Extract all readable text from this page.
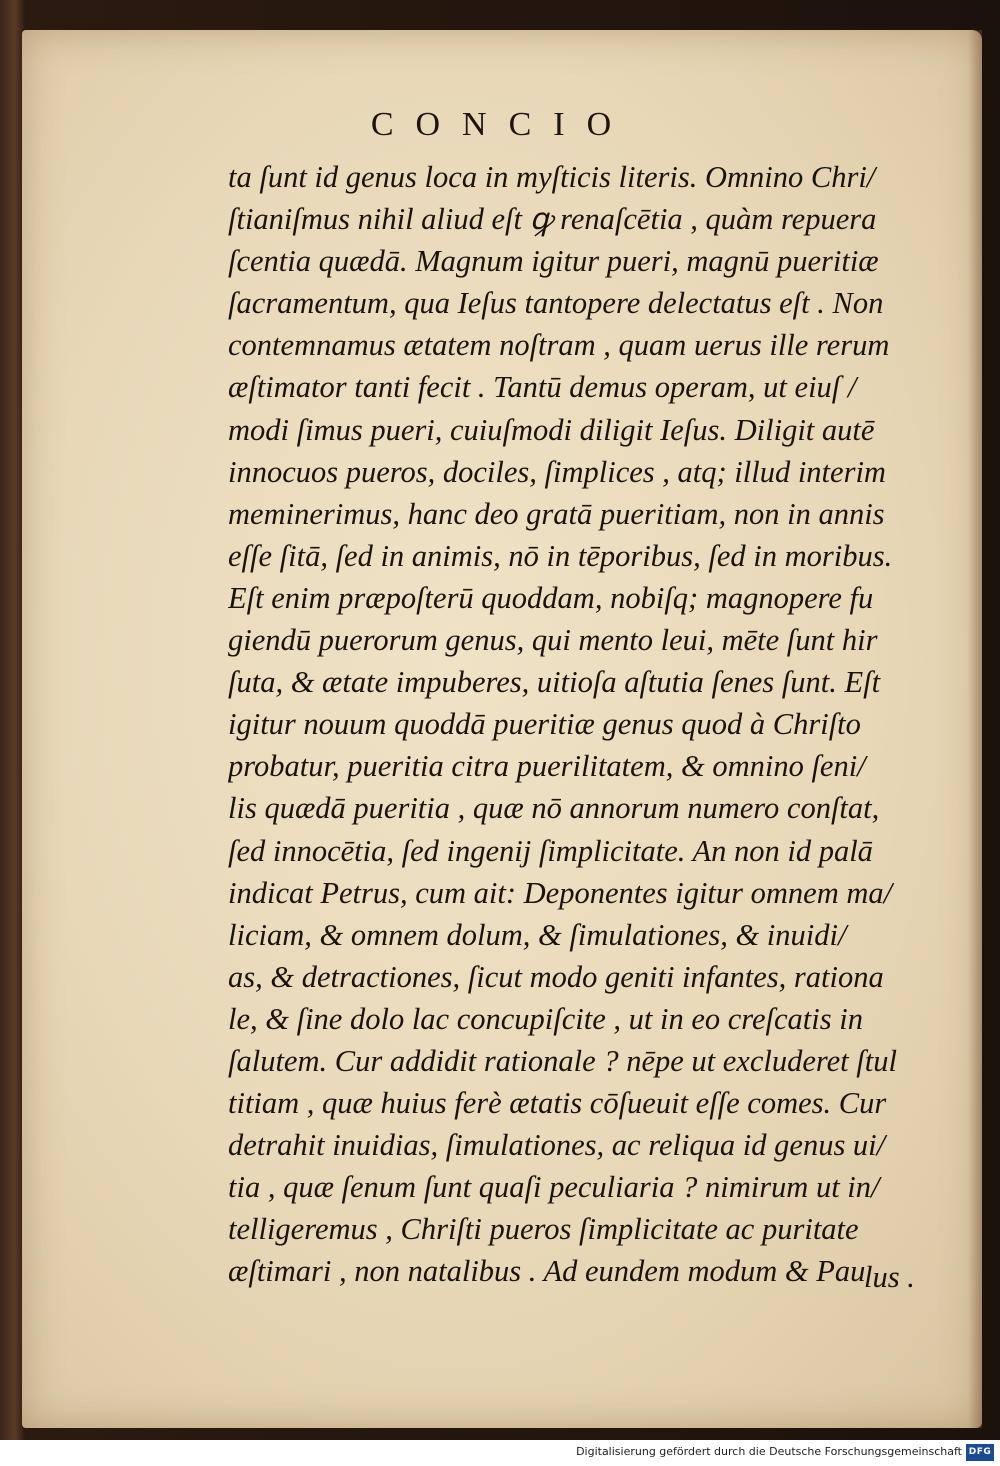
CONCIO
ta ſunt id genus loca in myſticis literis. Omnino Chri/
ſtianiſmus nihil aliud eſt ꝙ renaſcētia , quàm repuera
ſcentia quædā. Magnum igitur pueri, magnū pueritiæ
ſacramentum, qua Ieſus tantopere delectatus eſt . Non
contemnamus ætatem noſtram , quam uerus ille rerum
æſtimator tanti fecit . Tantū demus operam, ut eiuſ /
modi ſimus pueri, cuiuſmodi diligit Ieſus. Diligit autē
innocuos pueros, dociles, ſimplices , atq; illud interim
meminerimus, hanc deo gratā pueritiam, non in annis
eſſe ſitā, ſed in animis, nō in tēporibus, ſed in moribus.
Eſt enim præpoſterū quoddam, nobiſq; magnopere fu
giendū puerorum genus, qui mento leui, mēte ſunt hir
ſuta, & ætate impuberes, uitioſa aſtutia ſenes ſunt. Eſt
igitur nouum quoddā pueritiæ genus quod à Chriſto
probatur, pueritia citra puerilitatem, & omnino ſeni/
lis quædā pueritia , quæ nō annorum numero conſtat,
ſed innocētia, ſed ingenij ſimplicitate. An non id palā
indicat Petrus, cum ait: Deponentes igitur omnem ma/
liciam, & omnem dolum, & ſimulationes, & inuidi/
as, & detractiones, ſicut modo geniti infantes, rationa
le, & ſine dolo lac concupiſcite , ut in eo creſcatis in
ſalutem. Cur addidit rationale ? nēpe ut excluderet ſtul
titiam , quæ huius ferè ætatis cōſueuit eſſe comes. Cur
detrahit inuidias, ſimulationes, ac reliqua id genus ui/
tia , quæ ſenum ſunt quaſi peculiaria ? nimirum ut in/
telligeremus , Chriſti pueros ſimplicitate ac puritate
æſtimari , non natalibus . Ad eundem modum & Pau
lus .
Digitalisierung gefördert durch die Deutsche Forschungsgemeinschaft DFG
